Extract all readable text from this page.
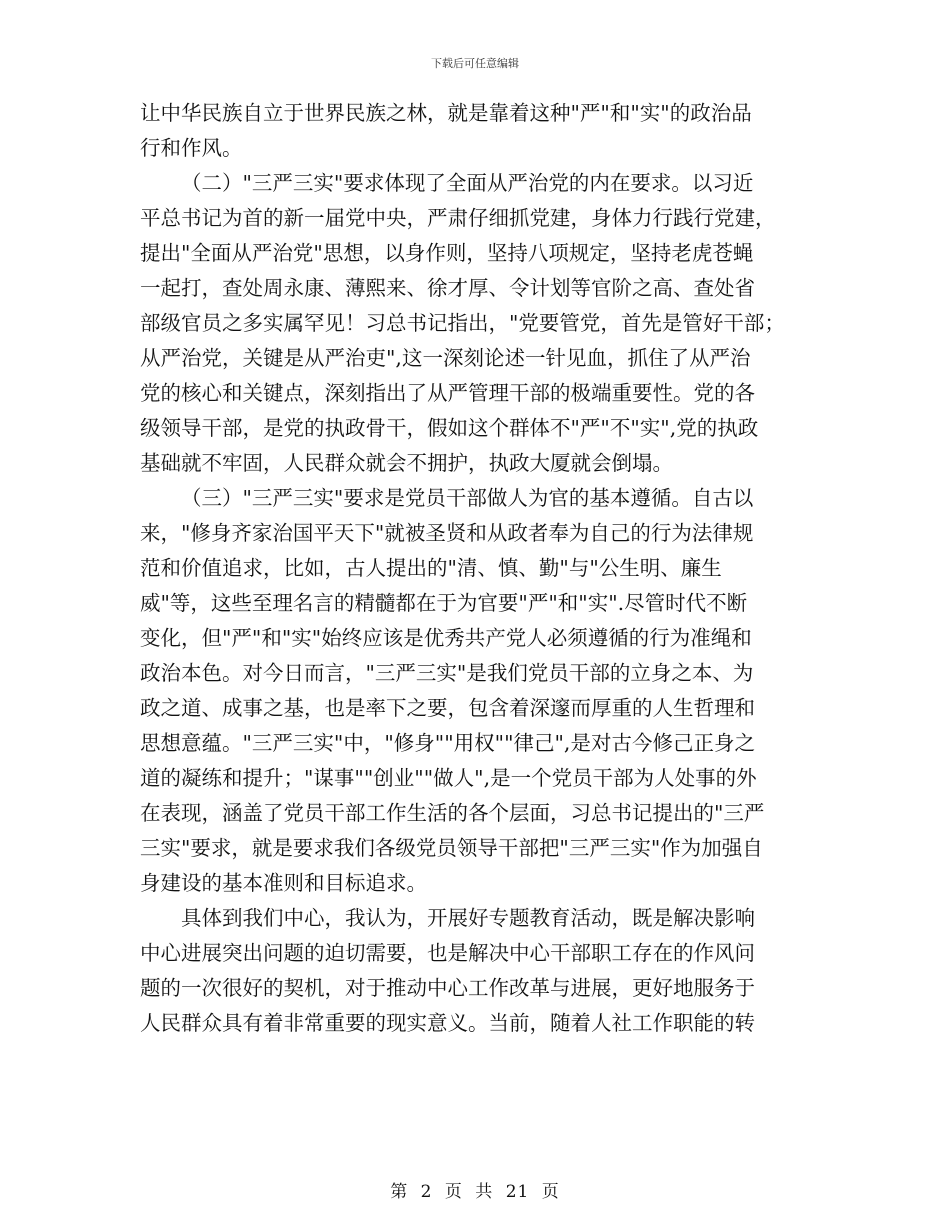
下载后可任意编辑

让中华民族自立于世界民族之林，就是靠着这种"严"和"实"的政治品
行和作风。

（二）"三严三实"要求体现了全面从严治党的内在要求。以习近
平总书记为首的新一届党中央，严肃仔细抓党建，身体力行践行党建，
提出"全面从严治党"思想，以身作则，坚持八项规定，坚持老虎苍蝇
一起打，查处周永康、薄熙来、徐才厚、令计划等官阶之高、查处省
部级官员之多实属罕见！习总书记指出，"党要管党，首先是管好干部；
从严治党，关键是从严治吏",这一深刻论述一针见血，抓住了从严治
党的核心和关键点，深刻指出了从严管理干部的极端重要性。党的各
级领导干部，是党的执政骨干，假如这个群体不"严"不"实",党的执政
基础就不牢固，人民群众就会不拥护，执政大厦就会倒塌。

（三）"三严三实"要求是党员干部做人为官的基本遵循。自古以
来，"修身齐家治国平天下"就被圣贤和从政者奉为自己的行为法律规
范和价值追求，比如，古人提出的"清、慎、勤"与"公生明、廉生
威"等，这些至理名言的精髓都在于为官要"严"和"实".尽管时代不断
变化，但"严"和"实"始终应该是优秀共产党人必须遵循的行为准绳和
政治本色。对今日而言，"三严三实"是我们党员干部的立身之本、为
政之道、成事之基，也是率下之要，包含着深邃而厚重的人生哲理和
思想意蕴。"三严三实"中，"修身""用权""律己",是对古今修己正身之
道的凝练和提升；"谋事""创业""做人",是一个党员干部为人处事的外
在表现，涵盖了党员干部工作生活的各个层面，习总书记提出的"三严
三实"要求，就是要求我们各级党员领导干部把"三严三实"作为加强自
身建设的基本准则和目标追求。

具体到我们中心，我认为，开展好专题教育活动，既是解决影响
中心进展突出问题的迫切需要，也是解决中心干部职工存在的作风问
题的一次很好的契机，对于推动中心工作改革与进展，更好地服务于
人民群众具有着非常重要的现实意义。当前，随着人社工作职能的转

第 2 页 共 21 页
